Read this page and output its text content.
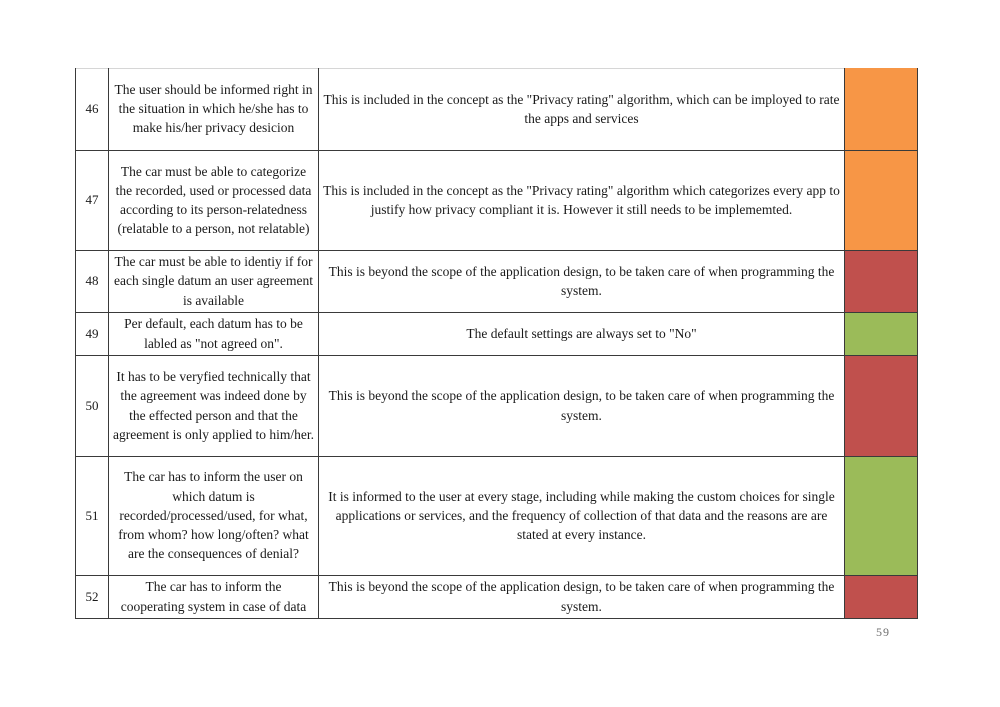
46	The user should be informed right in the situation in which he/she has to make his/her privacy desicion	This is included in the concept as the "Privacy rating" algorithm, which can be imployed to rate the apps and services	
47	The car must be able to categorize the recorded, used or processed data according to its person-relatedness (relatable to a person, not relatable)	This is included in the concept as the "Privacy rating" algorithm which categorizes every app to justify how privacy compliant it is. However it still needs to be implememted.	
48	The car must be able to identiy if for each single datum an user agreement is available	This is beyond the scope of the application design, to be taken care of when programming the system.	
49	Per default, each datum has to be labled as "not agreed on".	The default settings are always set to "No"	
50	It has to be veryfied technically that the agreement was indeed done by the effected person and that the agreement is only applied to him/her.	This is beyond the scope of the application design, to be taken care of when programming the system.	
51	The car has to inform the user on which datum is recorded/processed/used, for what, from whom? how long/often? what are the consequences of denial?	It is informed to the user at every stage, including while making the custom choices for single applications or services, and the frequency of collection of that data and the reasons are are stated at every instance.	
52	The car has to inform the cooperating system in case of data	This is beyond the scope of the application design, to be taken care of when programming the system.	
59
